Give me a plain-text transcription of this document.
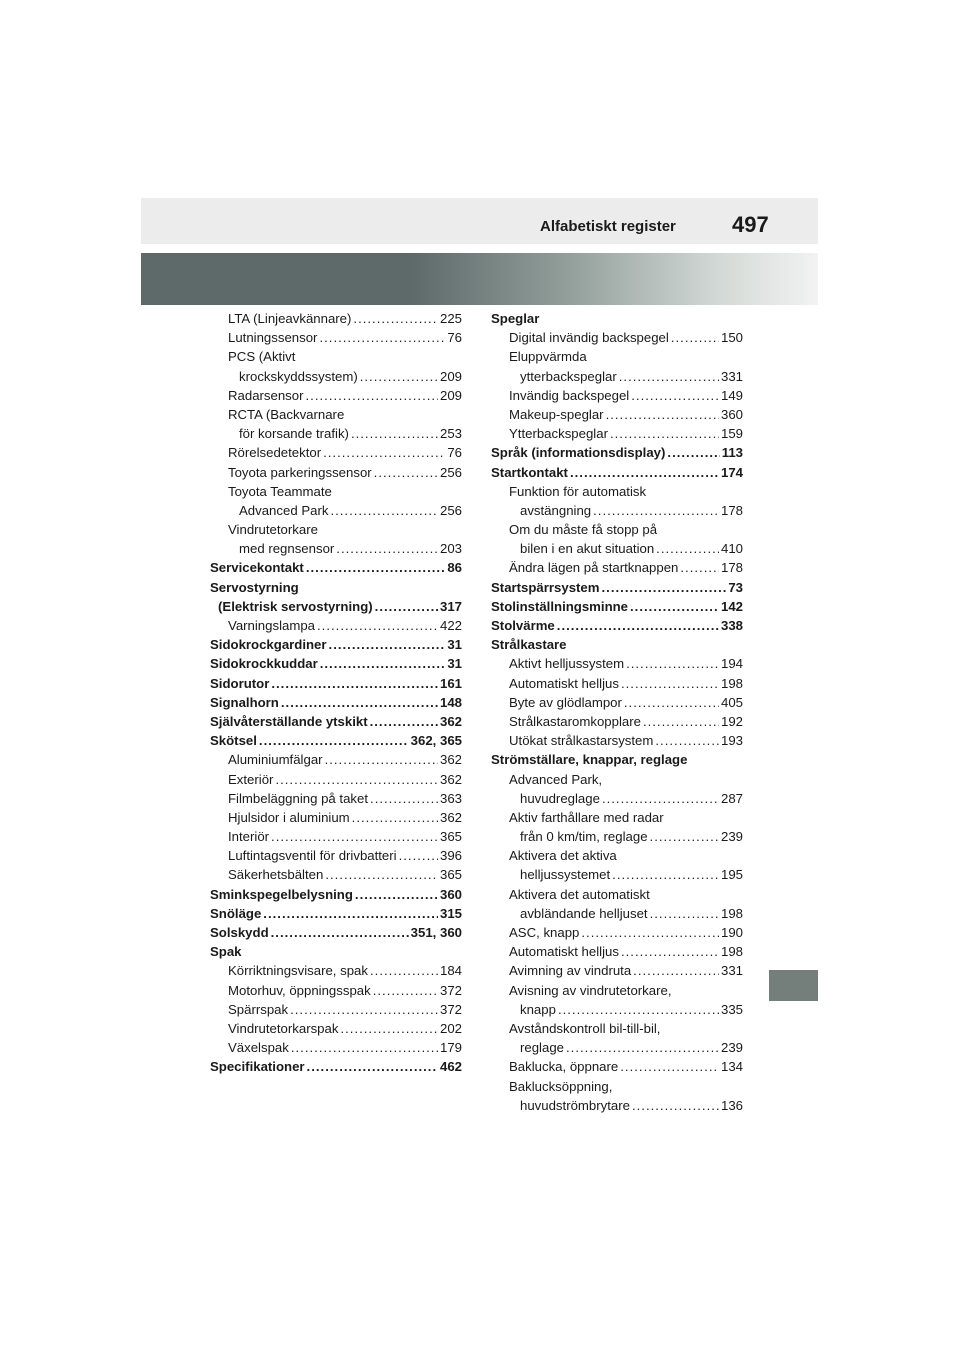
Alfabetiskt register	497
LTA (Linjeavkännare) .....	225
Lutningssensor .....	76
PCS (Aktivt
krockskyddssystem) .....	209
Radarsensor .....	209
RCTA (Backvarnare
för korsande trafik) .....	253
Rörelsedetektor .....	76
Toyota parkeringssensor .....	256
Toyota Teammate
Advanced Park .....	256
Vindrutetorkare
med regnsensor .....	203
Servicekontakt .....	86
Servostyrning
(Elektrisk servostyrning) .....	317
Varningslampa .....	422
Sidokrockgardiner .....	31
Sidokrockkuddar .....	31
Sidorutor .....	161
Signalhorn .....	148
Självåterställande ytskikt .....	362
Skötsel .....	362, 365
Aluminiumfälgar .....	362
Exteriör .....	362
Filmbeläggning på taket .....	363
Hjulsidor i aluminium .....	362
Interiör .....	365
Luftintagsventil för drivbatteri .....	396
Säkerhetsbälten .....	365
Sminkspegelbelysning .....	360
Snöläge .....	315
Solskydd .....	351, 360
Spak
Körriktningsvisare, spak .....	184
Motorhuv, öppningsspak .....	372
Spärrspak .....	372
Vindrutetorkarspak .....	202
Växelspak .....	179
Specifikationer .....	462
Speglar
Digital invändig backspegel .....	150
Eluppvärmda
ytterbackspeglar .....	331
Invändig backspegel .....	149
Makeup-speglar .....	360
Ytterbackspeglar .....	159
Språk (informationsdisplay) .....	113
Startkontakt .....	174
Funktion för automatisk
avstängning .....	178
Om du måste få stopp på
bilen i en akut situation .....	410
Ändra lägen på startknappen .....	178
Startspärrsystem .....	73
Stolinställningsminne .....	142
Stolvärme .....	338
Strålkastare
Aktivt helljussystem .....	194
Automatiskt helljus .....	198
Byte av glödlampor .....	405
Strålkastaromkopplare .....	192
Utökat strålkastarsystem .....	193
Strömställare, knappar, reglage
Advanced Park,
huvudreglage .....	287
Aktiv farthållare med radar
från 0 km/tim, reglage .....	239
Aktivera det aktiva
helljussystemet .....	195
Aktivera det automatiskt
avbländande helljuset .....	198
ASC, knapp .....	190
Automatiskt helljus .....	198
Avimning av vindruta .....	331
Avisning av vindrutetorkare,
knapp .....	335
Avståndskontroll bil-till-bil,
reglage .....	239
Baklucka, öppnare .....	134
Baklucksöppning,
huvudströmbrytare .....	136
